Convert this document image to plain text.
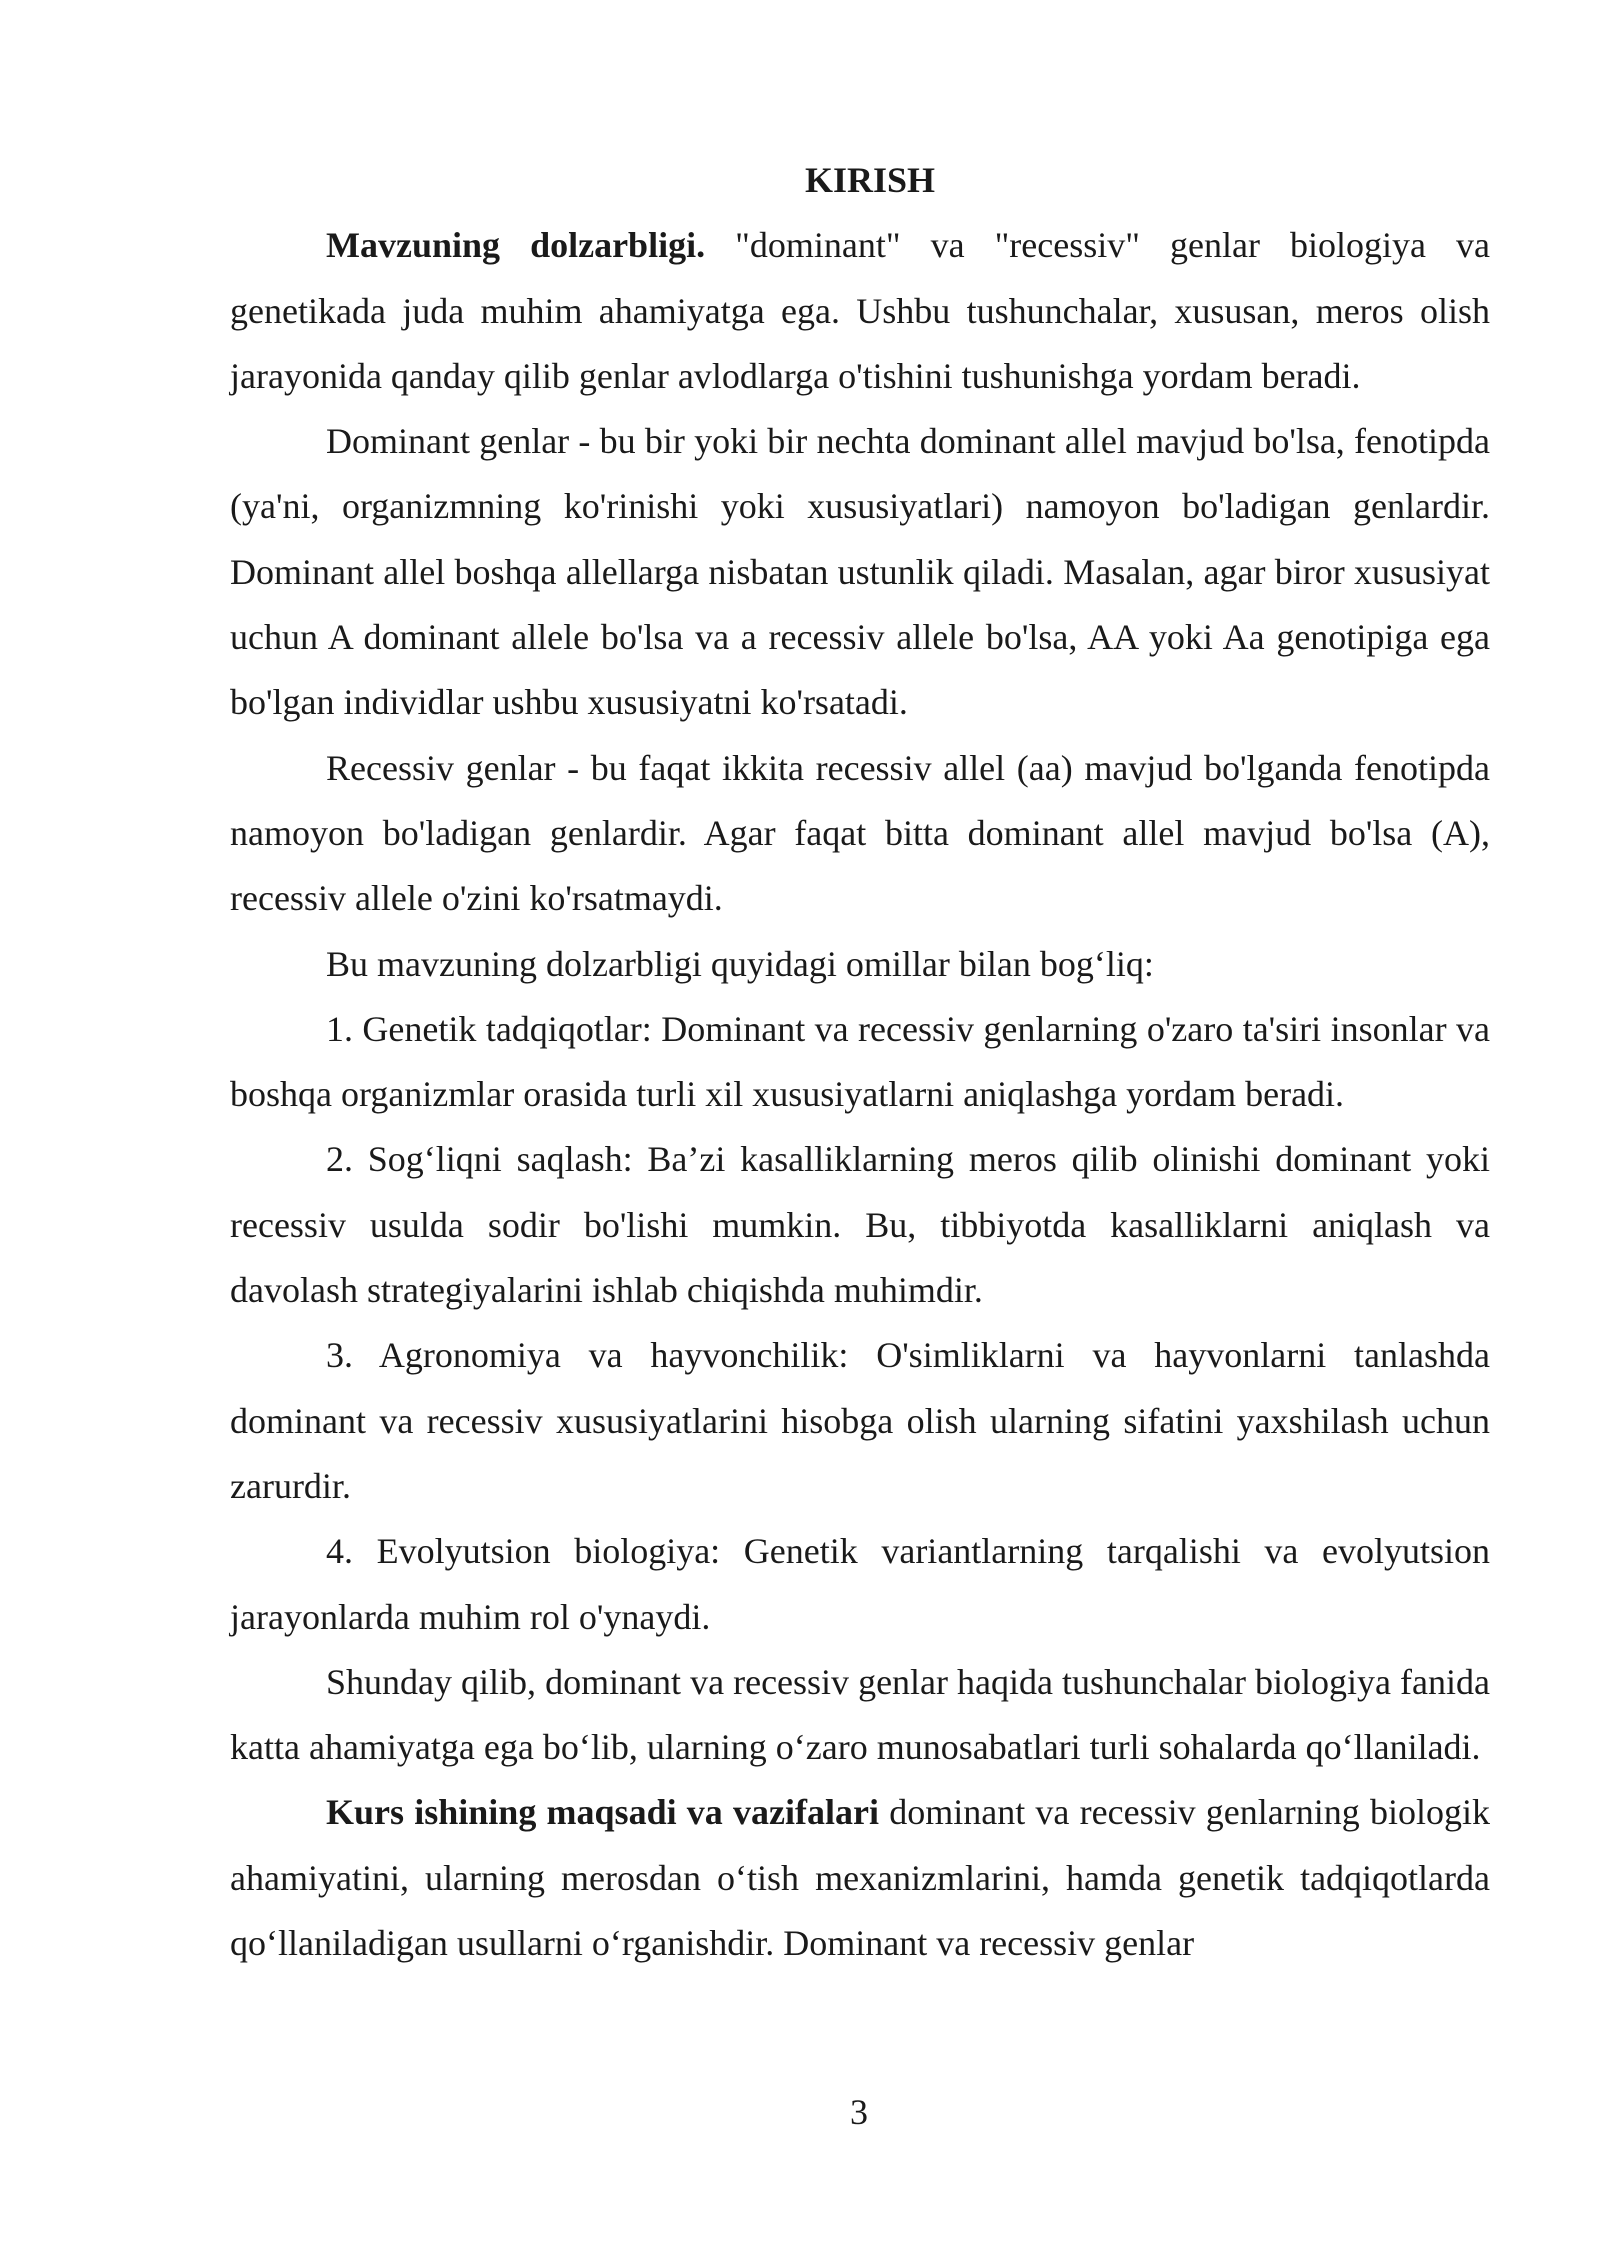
KIRISH

Mavzuning dolzarbligi. "dominant" va "recessiv" genlar biologiya va genetikada juda muhim ahamiyatga ega. Ushbu tushunchalar, xususan, meros olish jarayonida qanday qilib genlar avlodlarga o'tishini tushunishga yordam beradi.

Dominant genlar - bu bir yoki bir nechta dominant allel mavjud bo'lsa, fenotipda (ya'ni, organizmning ko'rinishi yoki xususiyatlari) namoyon bo'ladigan genlardir. Dominant allel boshqa allellarga nisbatan ustunlik qiladi. Masalan, agar biror xususiyat uchun A dominant allele bo'lsa va a recessiv allele bo'lsa, AA yoki Aa genotipiga ega bo'lgan individlar ushbu xususiyatni ko'rsatadi.

Recessiv genlar - bu faqat ikkita recessiv allel (aa) mavjud bo'lganda fenotipda namoyon bo'ladigan genlardir. Agar faqat bitta dominant allel mavjud bo'lsa (A), recessiv allele o'zini ko'rsatmaydi.

Bu mavzuning dolzarbligi quyidagi omillar bilan bog‘liq:

1. Genetik tadqiqotlar: Dominant va recessiv genlarning o'zaro ta'siri insonlar va boshqa organizmlar orasida turli xil xususiyatlarni aniqlashga yordam beradi.

2. Sog‘liqni saqlash: Ba’zi kasalliklarning meros qilib olinishi dominant yoki recessiv usulda sodir bo'lishi mumkin. Bu, tibbiyotda kasalliklarni aniqlash va davolash strategiyalarini ishlab chiqishda muhimdir.

3. Agronomiya va hayvonchilik: O'simliklarni va hayvonlarni tanlashda dominant va recessiv xususiyatlarini hisobga olish ularning sifatini yaxshilash uchun zarurdir.

4. Evolyutsion biologiya: Genetik variantlarning tarqalishi va evolyutsion jarayonlarda muhim rol o'ynaydi.

Shunday qilib, dominant va recessiv genlar haqida tushunchalar biologiya fanida katta ahamiyatga ega bo‘lib, ularning o‘zaro munosabatlari turli sohalarda qo‘llaniladi.

Kurs ishining maqsadi va vazifalari dominant va recessiv genlarning biologik ahamiyatini, ularning merosdan o‘tish mexanizmlarini, hamda genetik tadqiqotlarda qo‘llaniladigan usullarni o‘rganishdir. Dominant va recessiv genlar

3
